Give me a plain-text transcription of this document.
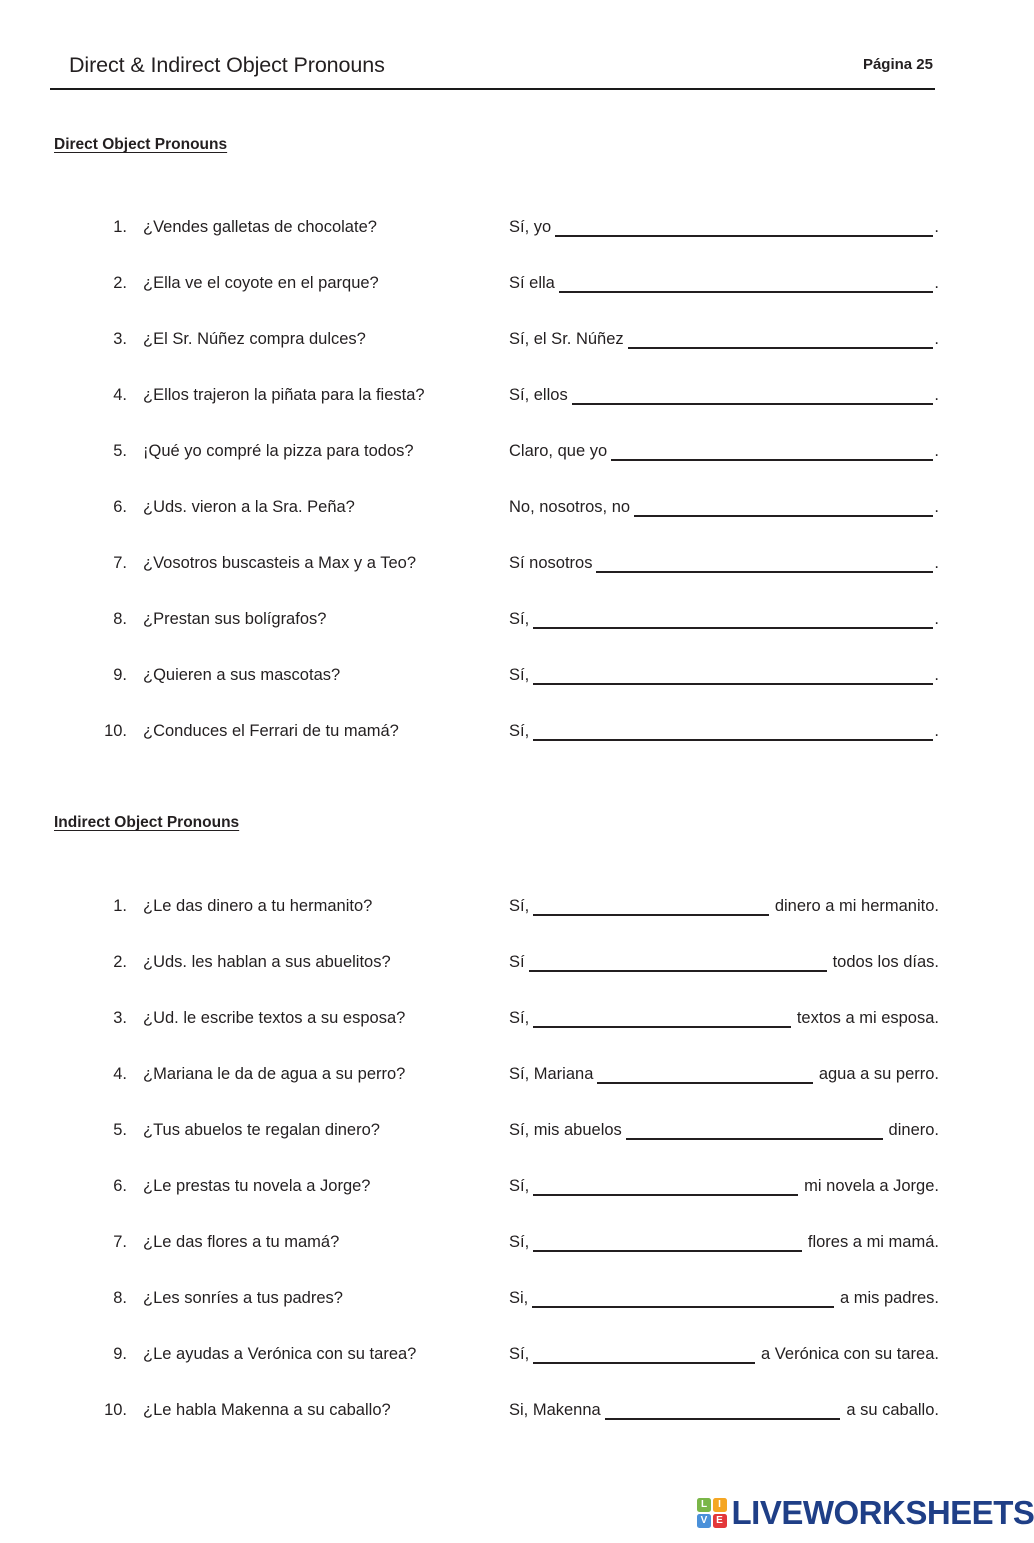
Direct & Indirect Object Pronouns	Página 25
Direct Object Pronouns
1. ¿Vendes galletas de chocolate?	Sí, yo	.
2. ¿Ella ve el coyote en el parque?	Sí ella	.
3. ¿El Sr. Núñez compra dulces?	Sí, el Sr. Núñez	.
4. ¿Ellos trajeron la piñata para la fiesta?	Sí, ellos	.
5. ¡Qué yo compré la pizza para todos?	Claro, que yo	.
6. ¿Uds. vieron a la Sra. Peña?	No, nosotros, no	.
7. ¿Vosotros buscasteis a Max y a Teo?	Sí nosotros	.
8. ¿Prestan sus bolígrafos?	Sí,	.
9. ¿Quieren a sus mascotas?	Sí,	.
10. ¿Conduces el Ferrari de tu mamá?	Sí,	.
Indirect Object Pronouns
1. ¿Le das dinero a tu hermanito?	Sí,	dinero a mi hermanito.
2. ¿Uds. les hablan a sus abuelitos?	Sí	todos los días.
3. ¿Ud. le escribe textos a su esposa?	Sí,	textos a mi esposa.
4. ¿Mariana le da de agua a su perro?	Sí, Mariana	agua a su perro.
5. ¿Tus abuelos te regalan dinero?	Sí, mis abuelos	dinero.
6. ¿Le prestas tu novela a Jorge?	Sí,	mi novela a Jorge.
7. ¿Le das flores a tu mamá?	Sí,	flores a mi mamá.
8. ¿Les sonríes a tus padres?	Si,	a mis padres.
9. ¿Le ayudas a Verónica con su tarea?	Sí,	a Verónica con su tarea.
10. ¿Le habla Makenna a su caballo?	Si, Makenna	a su caballo.
L	I
V E LIVEWORKSHEETS
